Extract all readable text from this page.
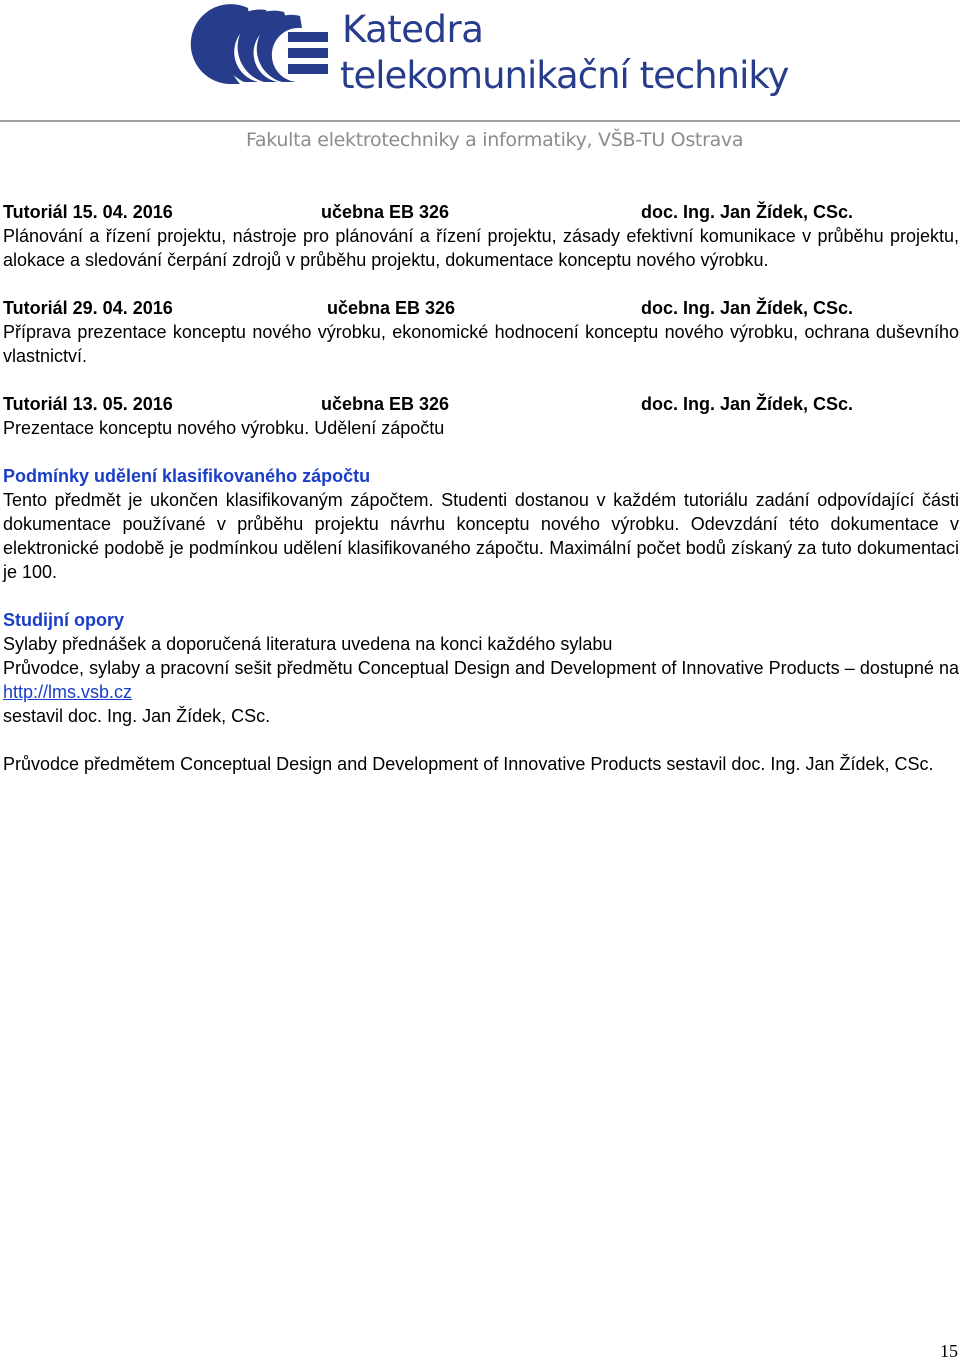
Katedra
telekomunikační techniky
Fakulta elektrotechniky a informatiky, VŠB-TU Ostrava
Tutoriál 15. 04. 2016	učebna EB 326	doc. Ing. Jan Žídek, CSc.

Plánování a řízení projektu, nástroje pro plánování a řízení projektu, zásady efektivní komunikace v průběhu projektu, alokace a sledování čerpání zdrojů v průběhu projektu, dokumentace konceptu nového výrobku.

Tutoriál 29. 04. 2016	učebna EB 326	doc. Ing. Jan Žídek, CSc.

Příprava prezentace konceptu nového výrobku, ekonomické hodnocení konceptu nového výrobku, ochrana duševního vlastnictví.

Tutoriál 13. 05. 2016	učebna EB 326	doc. Ing. Jan Žídek, CSc.

Prezentace konceptu nového výrobku. Udělení zápočtu

Podmínky udělení klasifikovaného zápočtu

Tento předmět je ukončen klasifikovaným zápočtem. Studenti dostanou v každém tutoriálu zadání odpovídající části dokumentace používané v průběhu projektu návrhu konceptu nového výrobku. Odevzdání této dokumentace v elektronické podobě je podmínkou udělení klasifikovaného zápočtu. Maximální počet bodů získaný za tuto dokumentaci je 100.

Studijní opory

Sylaby přednášek a doporučená literatura uvedena na konci každého sylabu

Průvodce, sylaby a pracovní sešit předmětu Conceptual Design and Development of Innovative Products – dostupné na http://lms.vsb.cz

sestavil doc. Ing. Jan Žídek, CSc.

Průvodce předmětem Conceptual Design and Development of Innovative Products sestavil doc. Ing. Jan Žídek, CSc.

15
